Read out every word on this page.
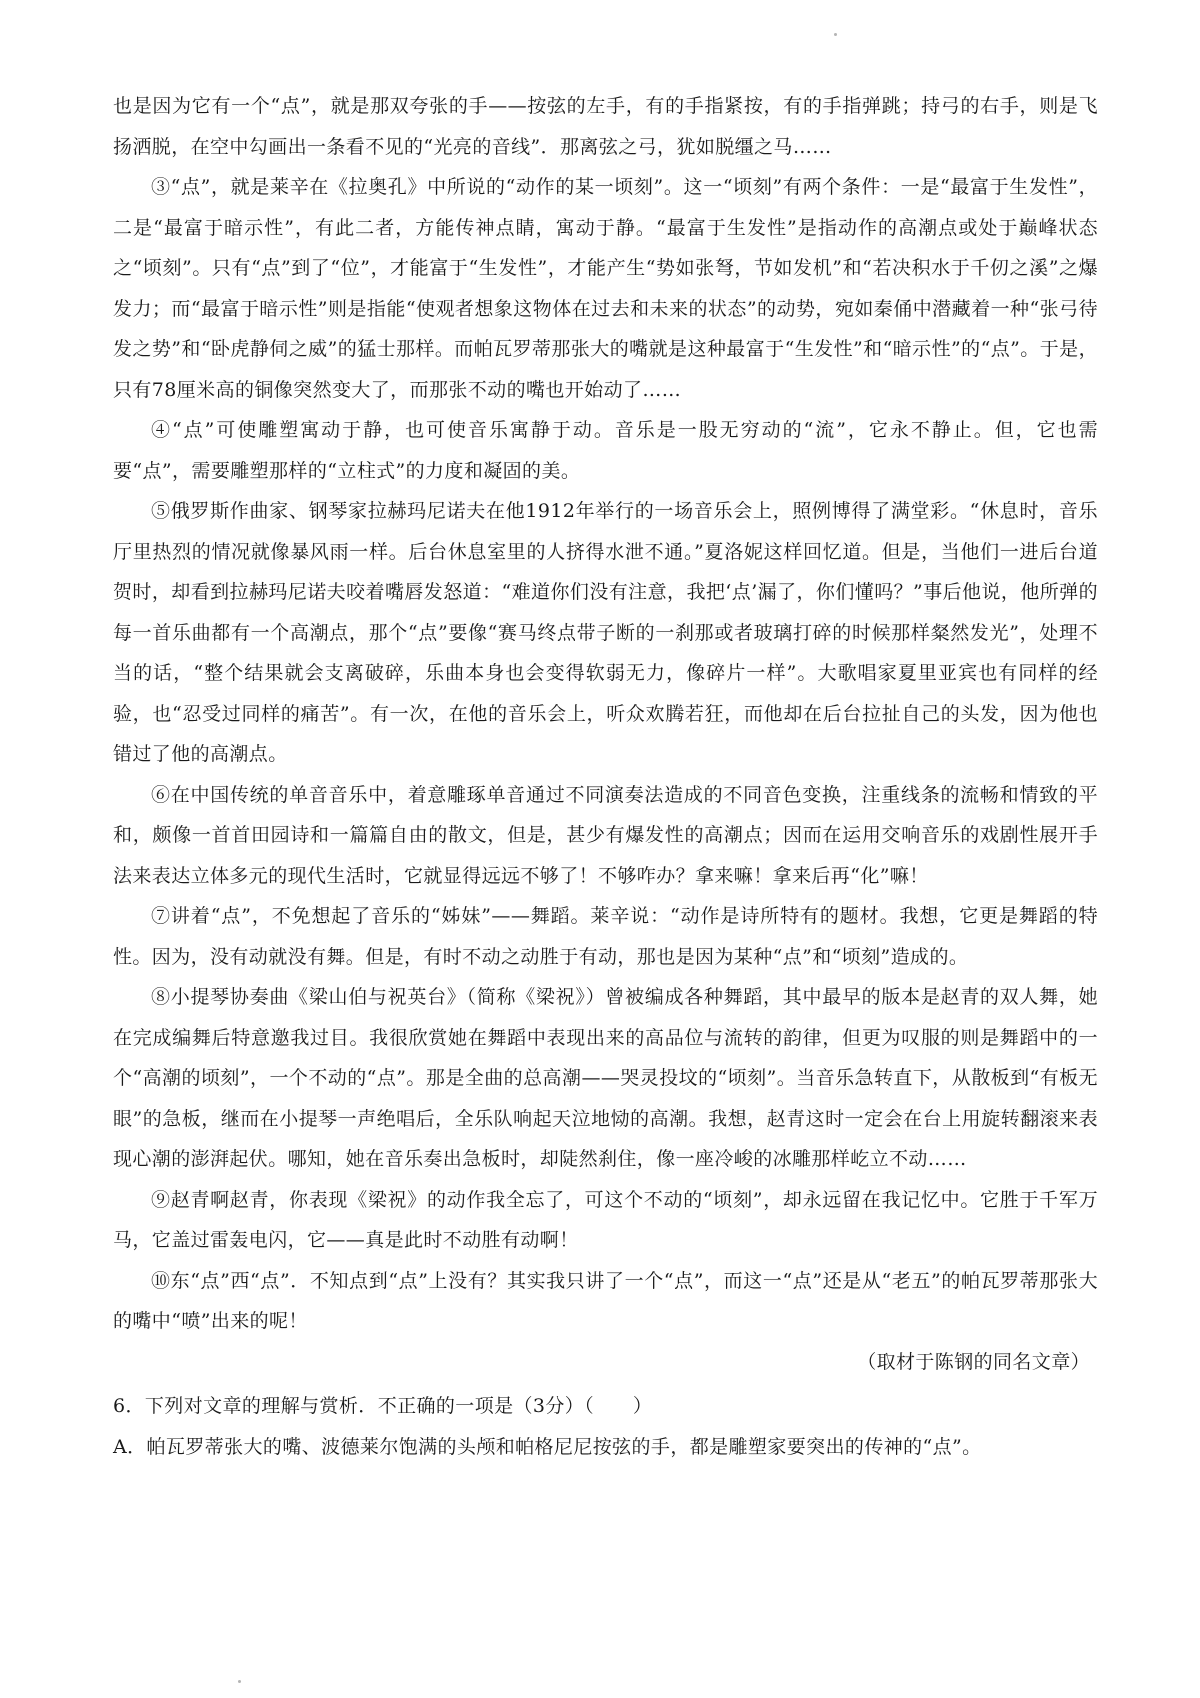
也是因为它有一个“点”，就是那双夸张的手——按弦的左手，有的手指紧按，有的手指弹跳；持弓的右手，则是飞扬洒脱，在空中勾画出一条看不见的“光亮的音线”．那离弦之弓，犹如脱缰之马……

③“点”，就是莱辛在《拉奥孔》中所说的“动作的某一顷刻”。这一“顷刻”有两个条件：一是“最富于生发性”，二是“最富于暗示性”，有此二者，方能传神点睛，寓动于静。“最富于生发性”是指动作的高潮点或处于巅峰状态之“顷刻”。只有“点”到了“位”，才能富于“生发性”，才能产生“势如张弩，节如发机”和“若决积水于千仞之溪”之爆发力；而“最富于暗示性”则是指能“使观者想象这物体在过去和未来的状态”的动势，宛如秦俑中潜藏着一种“张弓待发之势”和“卧虎静伺之威”的猛士那样。而帕瓦罗蒂那张大的嘴就是这种最富于“生发性”和“暗示性”的“点”。于是，只有78厘米高的铜像突然变大了，而那张不动的嘴也开始动了……

④“点”可使雕塑寓动于静，也可使音乐寓静于动。音乐是一股无穷动的“流”，它永不静止。但，它也需要“点”，需要雕塑那样的“立柱式”的力度和凝固的美。

⑤俄罗斯作曲家、钢琴家拉赫玛尼诺夫在他1912年举行的一场音乐会上，照例博得了满堂彩。“休息时，音乐厅里热烈的情况就像暴风雨一样。后台休息室里的人挤得水泄不通。”夏洛妮这样回忆道。但是，当他们一进后台道贺时，却看到拉赫玛尼诺夫咬着嘴唇发怒道：“难道你们没有注意，我把‘点’漏了，你们懂吗？”事后他说，他所弹的每一首乐曲都有一个高潮点，那个“点”要像“赛马终点带子断的一刹那或者玻璃打碎的时候那样粲然发光”，处理不当的话，“整个结果就会支离破碎，乐曲本身也会变得软弱无力，像碎片一样”。大歌唱家夏里亚宾也有同样的经验，也“忍受过同样的痛苦”。有一次，在他的音乐会上，听众欢腾若狂，而他却在后台拉扯自己的头发，因为他也错过了他的高潮点。

⑥在中国传统的单音音乐中，着意雕琢单音通过不同演奏法造成的不同音色变换，注重线条的流畅和情致的平和，颇像一首首田园诗和一篇篇自由的散文，但是，甚少有爆发性的高潮点；因而在运用交响音乐的戏剧性展开手法来表达立体多元的现代生活时，它就显得远远不够了！不够咋办？拿来嘛！拿来后再“化”嘛！

⑦讲着“点”，不免想起了音乐的“姊妹”——舞蹈。莱辛说：“动作是诗所特有的题材。我想，它更是舞蹈的特性。因为，没有动就没有舞。但是，有时不动之动胜于有动，那也是因为某种“点”和“顷刻”造成的。

⑧小提琴协奏曲《梁山伯与祝英台》（简称《梁祝》）曾被编成各种舞蹈，其中最早的版本是赵青的双人舞，她在完成编舞后特意邀我过目。我很欣赏她在舞蹈中表现出来的高品位与流转的韵律，但更为叹服的则是舞蹈中的一个“高潮的顷刻”，一个不动的“点”。那是全曲的总高潮——哭灵投坟的“顷刻”。当音乐急转直下，从散板到“有板无眼”的急板，继而在小提琴一声绝唱后，全乐队响起天泣地恸的高潮。我想，赵青这时一定会在台上用旋转翻滚来表现心潮的澎湃起伏。哪知，她在音乐奏出急板时，却陡然刹住，像一座冷峻的冰雕那样屹立不动……

⑨赵青啊赵青，你表现《梁祝》的动作我全忘了，可这个不动的“顷刻”，却永远留在我记忆中。它胜于千军万马，它盖过雷轰电闪，它——真是此时不动胜有动啊！

⑩东“点”西“点”．不知点到“点”上没有？其实我只讲了一个“点”，而这一“点”还是从“老五”的帕瓦罗蒂那张大的嘴中“喷”出来的呢！

（取材于陈钢的同名文章）

6．下列对文章的理解与赏析．不正确的一项是（3分）（　　）

A．帕瓦罗蒂张大的嘴、波德莱尔饱满的头颅和帕格尼尼按弦的手，都是雕塑家要突出的传神的“点”。
